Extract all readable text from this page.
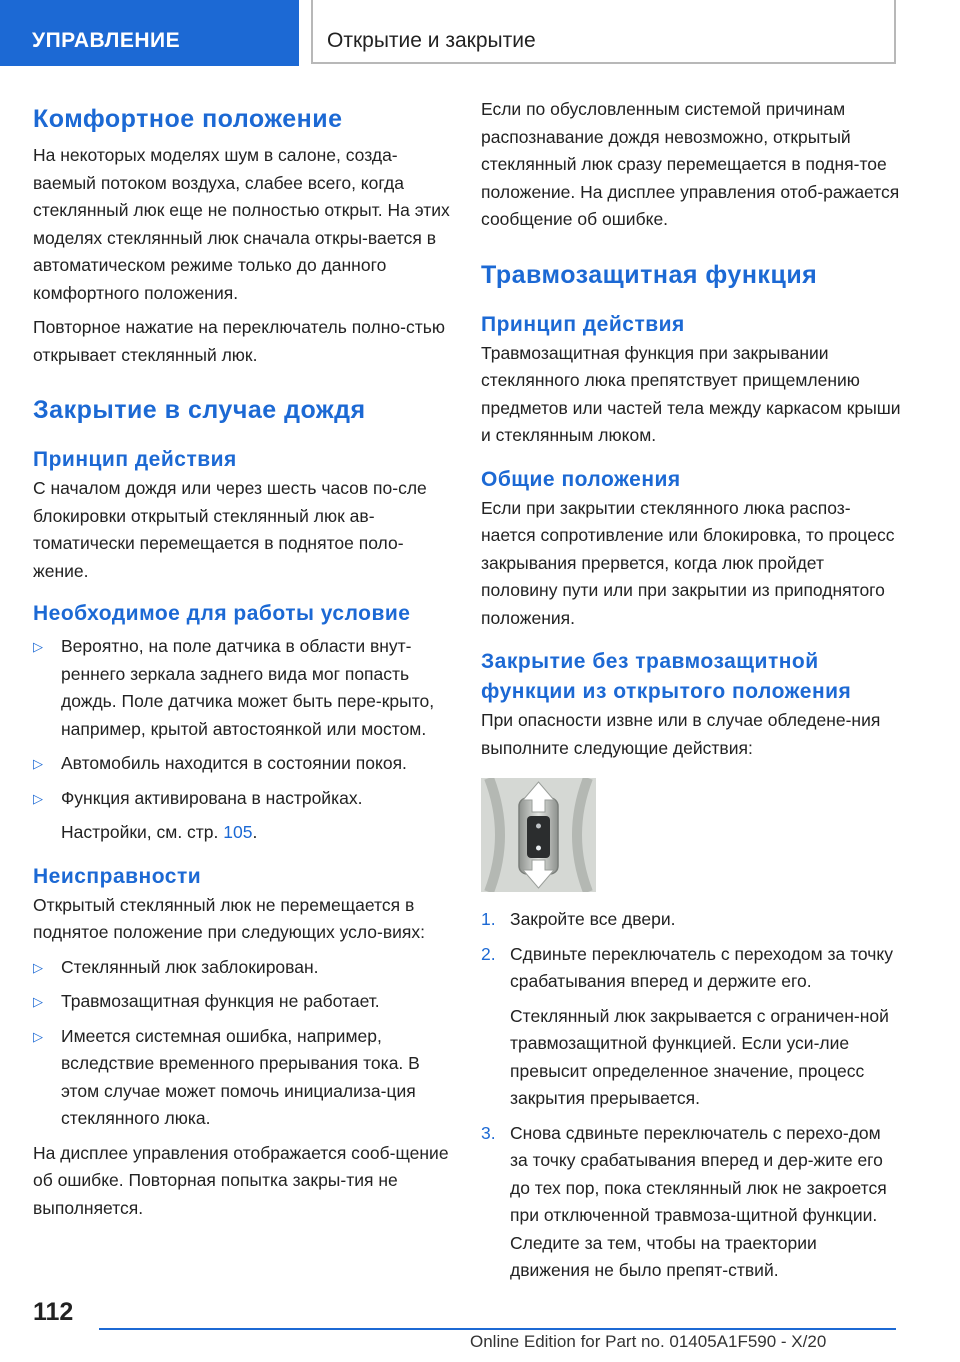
УПРАВЛЕНИЕ	Открытие и закрытие
Комфортное положение

На некоторых моделях шум в салоне, созда-ваемый потоком воздуха, слабее всего, когда стеклянный люк еще не полностью открыт. На этих моделях стеклянный люк сначала откры-вается в автоматическом режиме только до данного комфортного положения.

Повторное нажатие на переключатель полно-стью открывает стеклянный люк.

Закрытие в случае дождя
Принцип действия

С началом дождя или через шесть часов по-сле блокировки открытый стеклянный люк ав-томатически перемещается в поднятое поло-жение.

Необходимое для работы условие
▷ Вероятно, на поле датчика в области внут-реннего зеркала заднего вида мог попасть дождь. Поле датчика может быть пере-крыто, например, крытой автостоянкой или мостом.
▷ Автомобиль находится в состоянии покоя.
▷ Функция активирована в настройках.
Настройки, см. стр. 105.
Неисправности

Открытый стеклянный люк не перемещается в поднятое положение при следующих усло-виях:

▷ Стеклянный люк заблокирован.
▷ Травмозащитная функция не работает.
▷ Имеется системная ошибка, например, вследствие временного прерывания тока. В этом случае может помочь инициализа-ция стеклянного люка.

На дисплее управления отображается сооб-щение об ошибке. Повторная попытка закры-тия не выполняется.

Если по обусловленным системой причинам распознавание дождя невозможно, открытый стеклянный люк сразу перемещается в подня-тое положение. На дисплее управления отоб-ражается сообщение об ошибке.

Травмозащитная функция
Принцип действия

Травмозащитная функция при закрывании стеклянного люка препятствует прищемлению предметов или частей тела между каркасом крыши и стеклянным люком.

Общие положения

Если при закрытии стеклянного люка распоз-нается сопротивление или блокировка, то процесс закрывания прервется, когда люк пройдет половину пути или при закрытии из приподнятого положения.

Закрытие без травмозащитной функции из открытого положения

При опасности извне или в случае обледене-ния выполните следующие действия:

1. Закройте все двери.
2. Сдвиньте переключатель с переходом за точку срабатывания вперед и держите его.
Стеклянный люк закрывается с ограничен-ной травмозащитной функцией. Если уси-лие превысит определенное значение, процесс закрытия прерывается.
3. Снова сдвиньте переключатель с перехо-дом за точку срабатывания вперед и дер-жите его до тех пор, пока стеклянный люк не закроется при отключенной травмоза-щитной функции. Следите за тем, чтобы на траектории движения не было препят-ствий.
112
Online Edition for Part no. 01405A1F590 - X/20
